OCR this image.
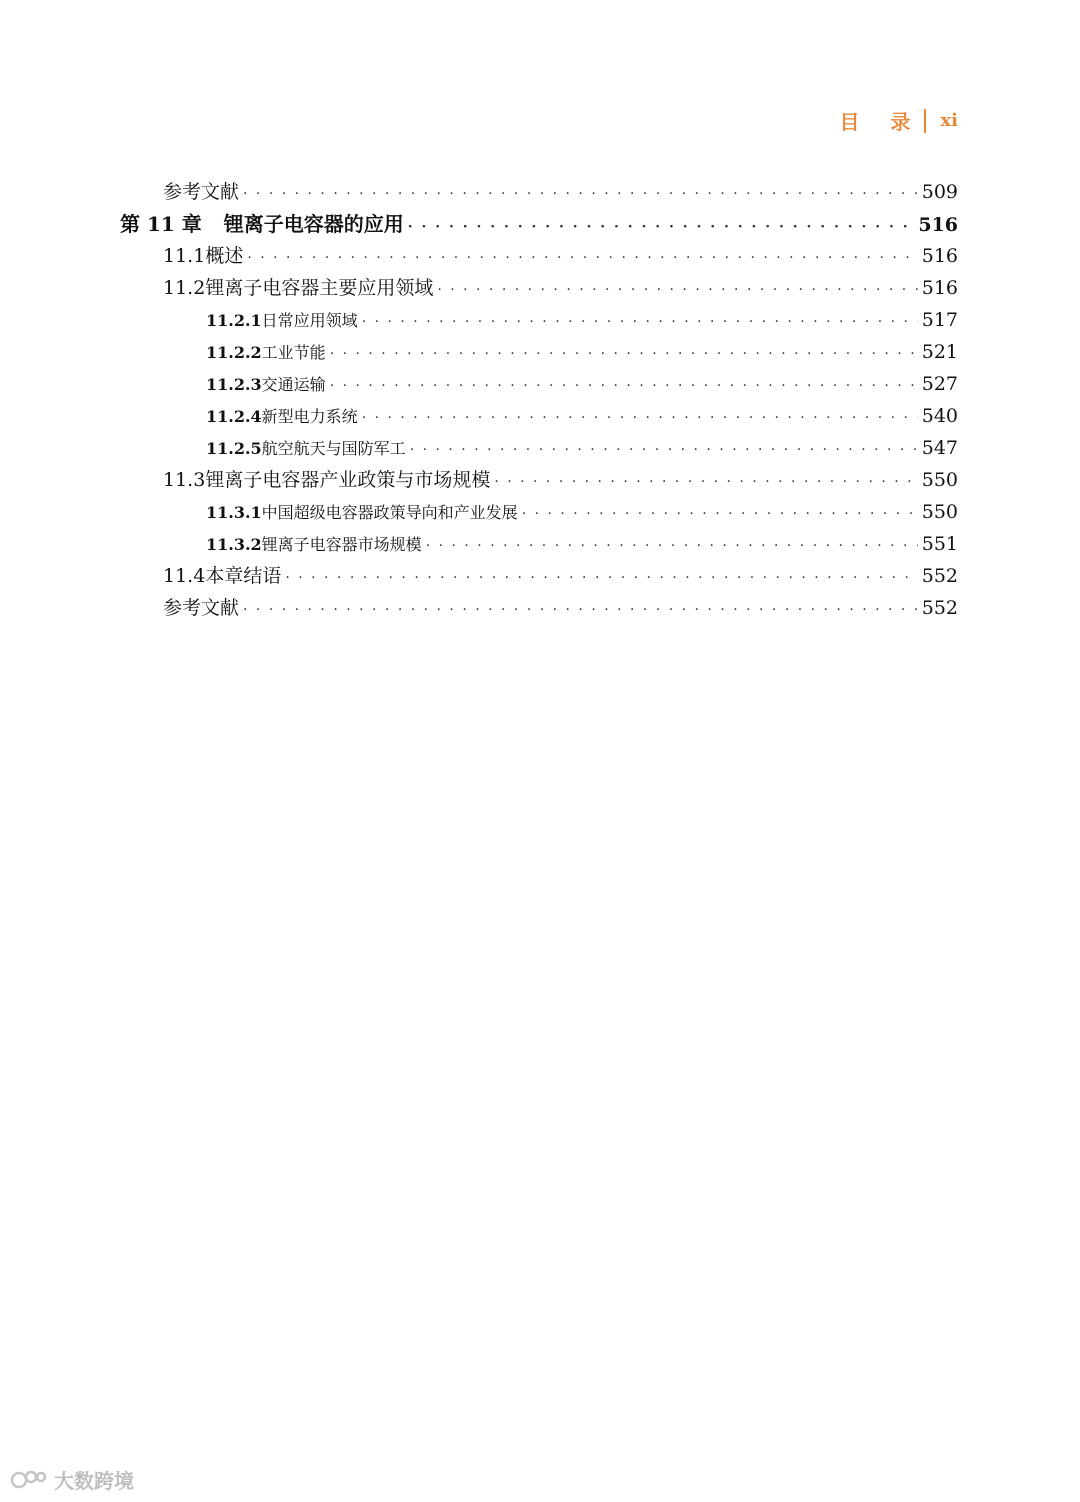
目 录 xi
参考文献 · · ·	509
第 11 章 锂离子电容器的应用 · · ·	516
11.1 概述 · · ·	516
11.2 锂离子电容器主要应用领域 · · ·	516
11.2.1 日常应用领域 · · ·	517
11.2.2 工业节能 · · ·	521
11.2.3 交通运输 · · ·	527
11.2.4 新型电力系统 · · ·	540
11.2.5 航空航天与国防军工 · · ·	547
11.3 锂离子电容器产业政策与市场规模 · · ·	550
11.3.1 中国超级电容器政策导向和产业发展 · · ·	550
11.3.2 锂离子电容器市场规模 · · ·	551
11.4 本章结语 · · ·	552
参考文献 · · ·	552
大数跨境
